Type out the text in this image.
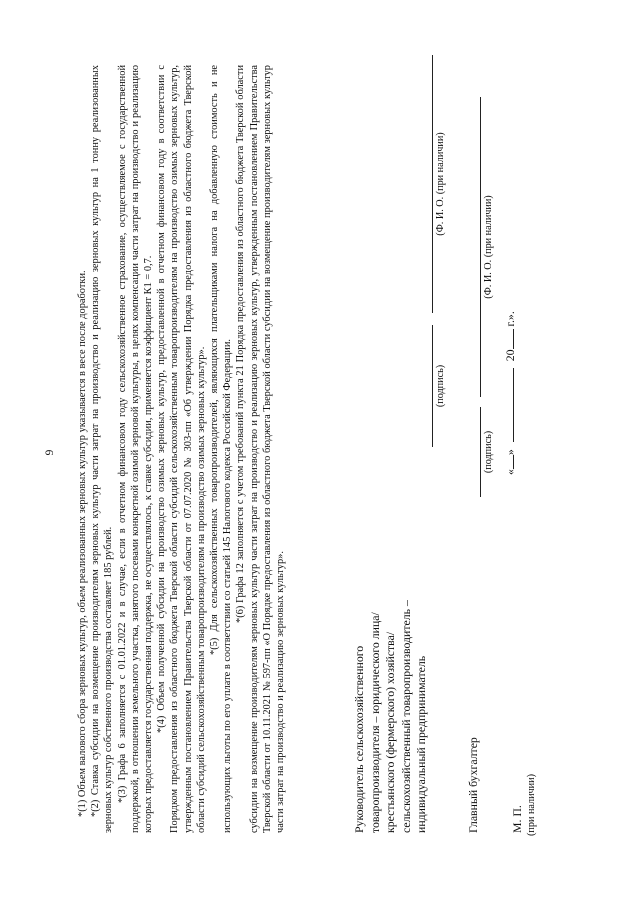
9 *(1) Объем валового сбора зерновых культур, объем реализованных зерновых культур указывается в весе после доработки. *(2) Ставка субсидии на возмещение производителям зерновых культур части затрат на производство и реализацию зерновых культур на 1 тонну реализованных зерновых культур собственного производства составляет 185 рублей. *(3) Графа 6 заполняется с 01.01.2022 и в случае, если в отчетном финансовом году сельскохозяйственное страхование, осуществляемое с государственной поддержкой, в отношении земельного участка, занятого посевами конкретной озимой зерновой культуры, в целях компенсации части затрат на производство и реализацию которых предоставляется государственная поддержка, не осуществлялось, к ставке субсидии, применяется коэффициент К1 = 0,7. *(4) Объем полученной субсидии на производство озимых зерновых культур, предоставленной в отчетном финансовом году в соответствии с Порядком предоставления из областного бюджета Тверской области субсидий сельскохозяйственным товаропроизводителям на производство озимых зерновых культур, утвержденным постановлением Правительства Тверской области от 07.07.2020 № 303-пп «Об утверждении Порядка предоставления из областного бюджета Тверской области субсидий сельскохозяйственным товаропроизводителям на производство озимых зерновых культур». *(5) Для сельскохозяйственных товаропроизводителей, являющихся плательщиками налога на добавленную стоимость и не использующих льготы по его уплате в соответствии со статьей 145 Налогового кодекса Российской Федерации. *(6) Графа 12 заполняется с учетом требований пункта 21 Порядка предоставления из областного бюджета Тверской области субсидии на возмещение производителям зерновых культур части затрат на производство и реализацию зерновых культур, утвержденным постановлением Правительства Тверской области от 10.11.2021 № 597-пп «О Порядке предоставления из областного бюджета Тверской области субсидии на возмещение производителям зерновых культур части затрат на производство и реализацию зерновых культур».	Руководитель сельскохозяйственного товаропроизводителя – юридического лица/ крестьянского (фермерского) хозяйства/ сельскохозяйственный товаропроизводитель – индивидуальный предприниматель
(подпись)
(Ф. И. О. (при наличии)
Главный бухгалтер
(подпись)
(Ф. И. О. (при наличии)
М. П. (при наличии)
«»  20 г.».
